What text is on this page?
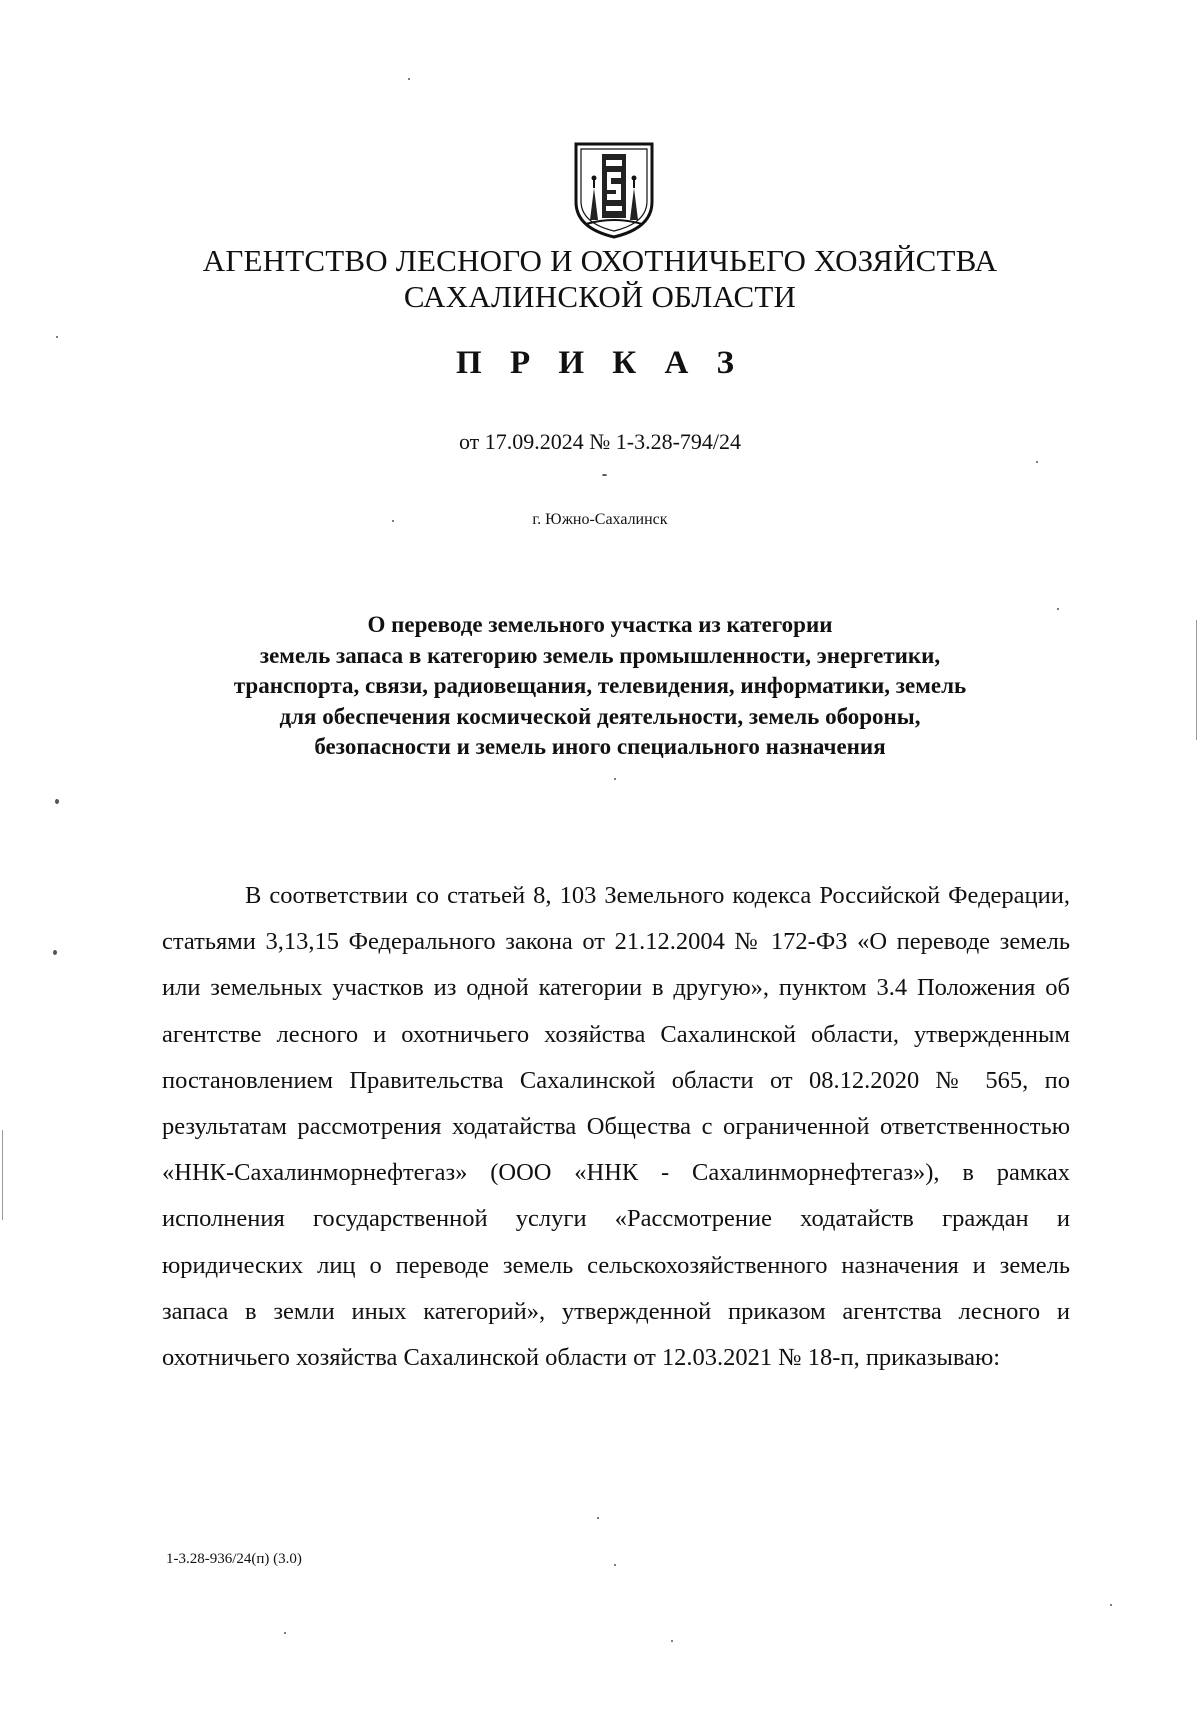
АГЕНТСТВО ЛЕСНОГО И ОХОТНИЧЬЕГО ХОЗЯЙСТВА
САХАЛИНСКОЙ ОБЛАСТИ
П Р И К А З
от 17.09.2024 № 1-3.28-794/24
г. Южно-Сахалинск
О переводе земельного участка из категории
земель запаса в категорию земель промышленности, энергетики,
транспорта, связи, радиовещания, телевидения, информатики, земель
для обеспечения космической деятельности, земель обороны,
безопасности и земель иного специального назначения

В соответствии со статьей 8, 103 Земельного кодекса Российской Федерации, статьями 3,13,15 Федерального закона от 21.12.2004 № 172-ФЗ «О переводе земель или земельных участков из одной категории в другую», пунктом 3.4 Положения об агентстве лесного и охотничьего хозяйства Сахалинской области, утвержденным постановлением Правительства Сахалинской области от 08.12.2020 № 565, по результатам рассмотрения ходатайства Общества с ограниченной ответственностью «ННК-Сахалинморнефтегаз» (ООО «ННК - Сахалинморнефтегаз»), в рамках исполнения государственной услуги «Рассмотрение ходатайств граждан и юридических лиц о переводе земель сельскохозяйственного назначения и земель запаса в земли иных категорий», утвержденной приказом агентства лесного и охотничьего хозяйства Сахалинской области от 12.03.2021 № 18-п, приказываю:

1-3.28-936/24(п) (3.0)
